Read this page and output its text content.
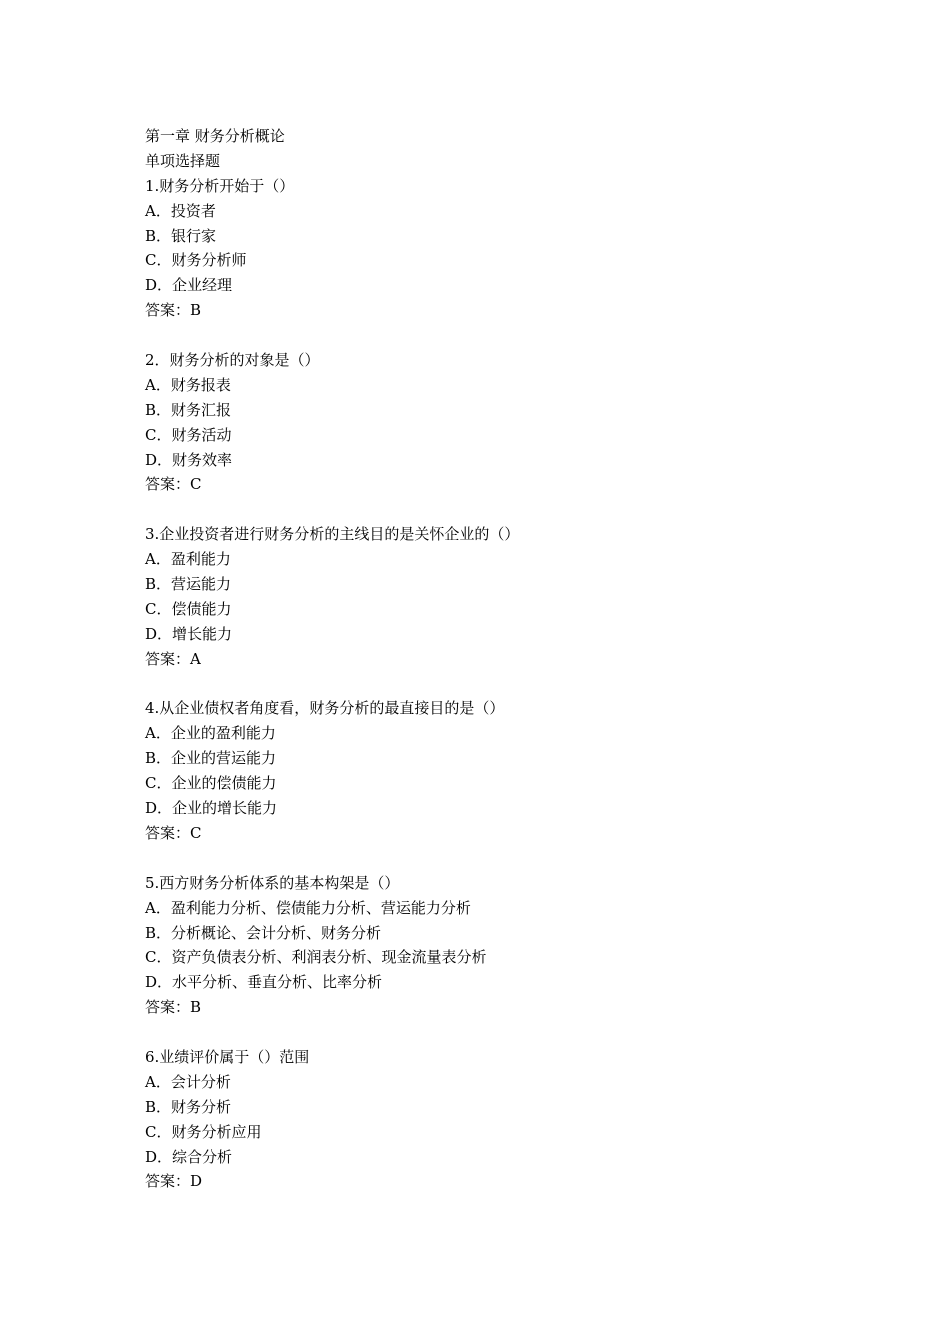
第一章 财务分析概论
单项选择题
1.财务分析开始于（）
A．投资者
B．银行家
C．财务分析师
D．企业经理
答案：B
2．财务分析的对象是（）
A．财务报表
B．财务汇报
C．财务活动
D．财务效率
答案：C
3.企业投资者进行财务分析的主线目的是关怀企业的（）
A．盈利能力
B．营运能力
C．偿债能力
D．增长能力
答案：A
4.从企业债权者角度看，财务分析的最直接目的是（）
A．企业的盈利能力
B．企业的营运能力
C．企业的偿债能力
D．企业的增长能力
答案：C
5.西方财务分析体系的基本构架是（）
A．盈利能力分析、偿债能力分析、营运能力分析
B．分析概论、会计分析、财务分析
C．资产负债表分析、利润表分析、现金流量表分析
D．水平分析、垂直分析、比率分析
答案：B
6.业绩评价属于（）范围
A．会计分析
B．财务分析
C．财务分析应用
D．综合分析
答案：D
